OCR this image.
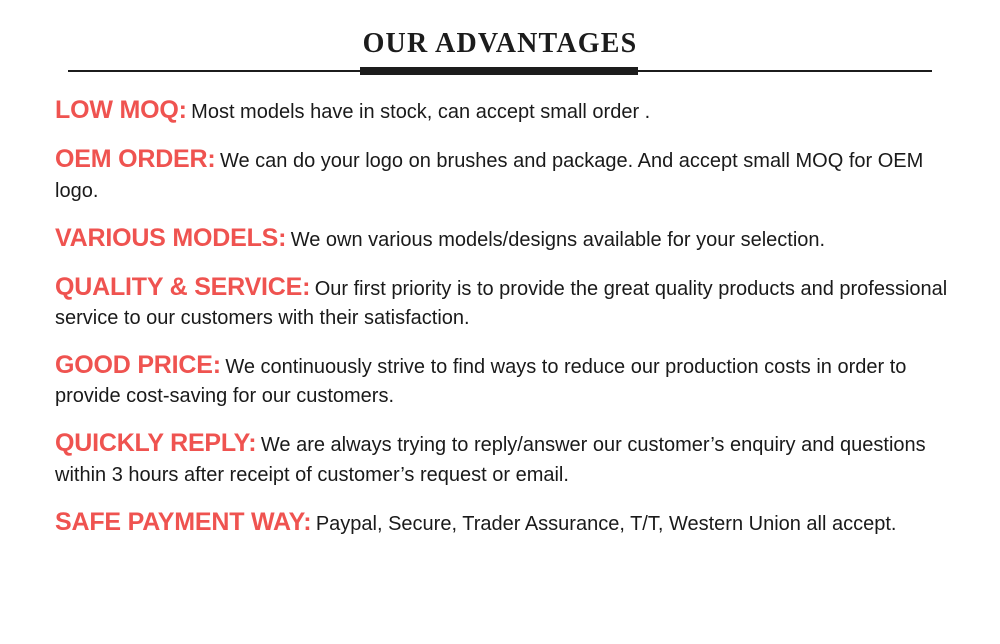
OUR ADVANTAGES

LOW MOQ: Most models have in stock, can accept small order .

OEM ORDER: We can do your logo on brushes and package. And accept small MOQ for OEM logo.

VARIOUS MODELS: We own various models/designs available for your selection.

QUALITY & SERVICE: Our first priority is to provide the great quality products and professional service to our customers with their satisfaction.

GOOD PRICE: We continuously strive to find ways to reduce our production costs in order to provide cost-saving for our customers.

QUICKLY REPLY: We are always trying to reply/answer our customer’s enquiry and questions within 3 hours after receipt of customer’s request or email.

SAFE PAYMENT WAY: Paypal, Secure, Trader Assurance, T/T, Western Union all accept.
